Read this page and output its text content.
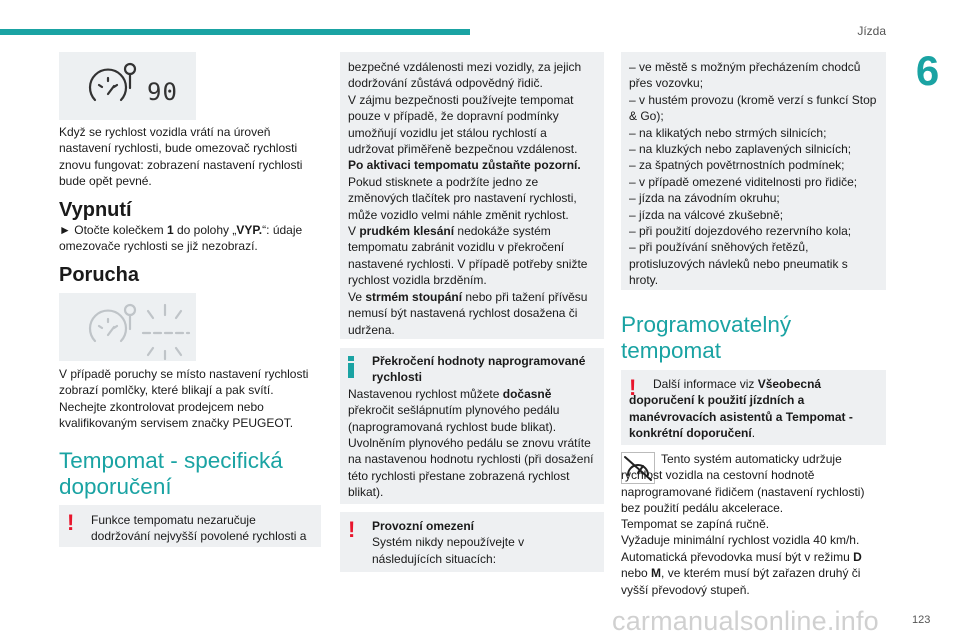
Jízda
6
90

Když se rychlost vozidla vrátí na úroveň nastavení rychlosti, bude omezovač rychlosti znovu fungovat: zobrazení nastavení rychlosti bude opět pevné.

Vypnutí

► Otočte kolečkem 1 do polohy „VYP.“: údaje omezovače rychlosti se již nezobrazí.

Porucha

V případě poruchy se místo nastavení rychlosti zobrazí pomlčky, které blikají a pak svítí. Nechejte zkontrolovat prodejcem nebo kvalifikovaným servisem značky PEUGEOT.

Tempomat - specifická doporučení
!	Funkce tempomatu nezaručuje dodržování nejvyšší povolené rychlosti a
bezpečné vzdálenosti mezi vozidly, za jejich dodržování zůstává odpovědný řidič.
V zájmu bezpečnosti používejte tempomat pouze v případě, že dopravní podmínky umožňují vozidlu jet stálou rychlostí a udržovat přiměřeně bezpečnou vzdálenost.
Po aktivaci tempomatu zůstaňte pozorní. Pokud stisknete a podržíte jedno ze změnových tlačítek pro nastavení rychlosti, může vozidlo velmi náhle změnit rychlost.
V prudkém klesání nedokáže systém tempomatu zabránit vozidlu v překročení nastavené rychlosti. V případě potřeby snižte rychlost vozidla brzděním.
Ve strmém stoupání nebo při tažení přívěsu nemusí být nastavená rychlost dosažena či udržena.
Překročení hodnoty naprogramované rychlosti
Nastavenou rychlost můžete dočasně překročit sešlápnutím plynového pedálu (naprogramovaná rychlost bude blikat). Uvolněním plynového pedálu se znovu vrátíte na nastavenou hodnotu rychlosti (při dosažení této rychlosti přestane zobrazená rychlost blikat).
!	Provozní omezení
Systém nikdy nepoužívejte v následujících situacích:
– ve městě s možným přecházením chodců přes vozovku;
– v hustém provozu (kromě verzí s funkcí Stop & Go);
– na klikatých nebo strmých silnicích;
– na kluzkých nebo zaplavených silnicích;
– za špatných povětrnostních podmínek;
– v případě omezené viditelnosti pro řidiče;
– jízda na závodním okruhu;
– jízda na válcové zkušebně;
– při použití dojezdového rezervního kola;
– při používání sněhových řetězů, protisluzových návleků nebo pneumatik s hroty.
Programovatelný tempomat
!	Další informace viz Všeobecná doporučení k použití jízdních a manévrovacích asistentů a Tempomat - konkrétní doporučení.

Tento systém automaticky udržuje rychlost vozidla na cestovní hodnotě naprogramované řidičem (nastavení rychlosti) bez použití pedálu akcelerace.

Tempomat se zapíná ručně.

Vyžaduje minimální rychlost vozidla 40 km/h.

Automatická převodovka musí být v režimu D nebo M, ve kterém musí být zařazen druhý či vyšší převodový stupeň.

carmanualsonline.info	123
